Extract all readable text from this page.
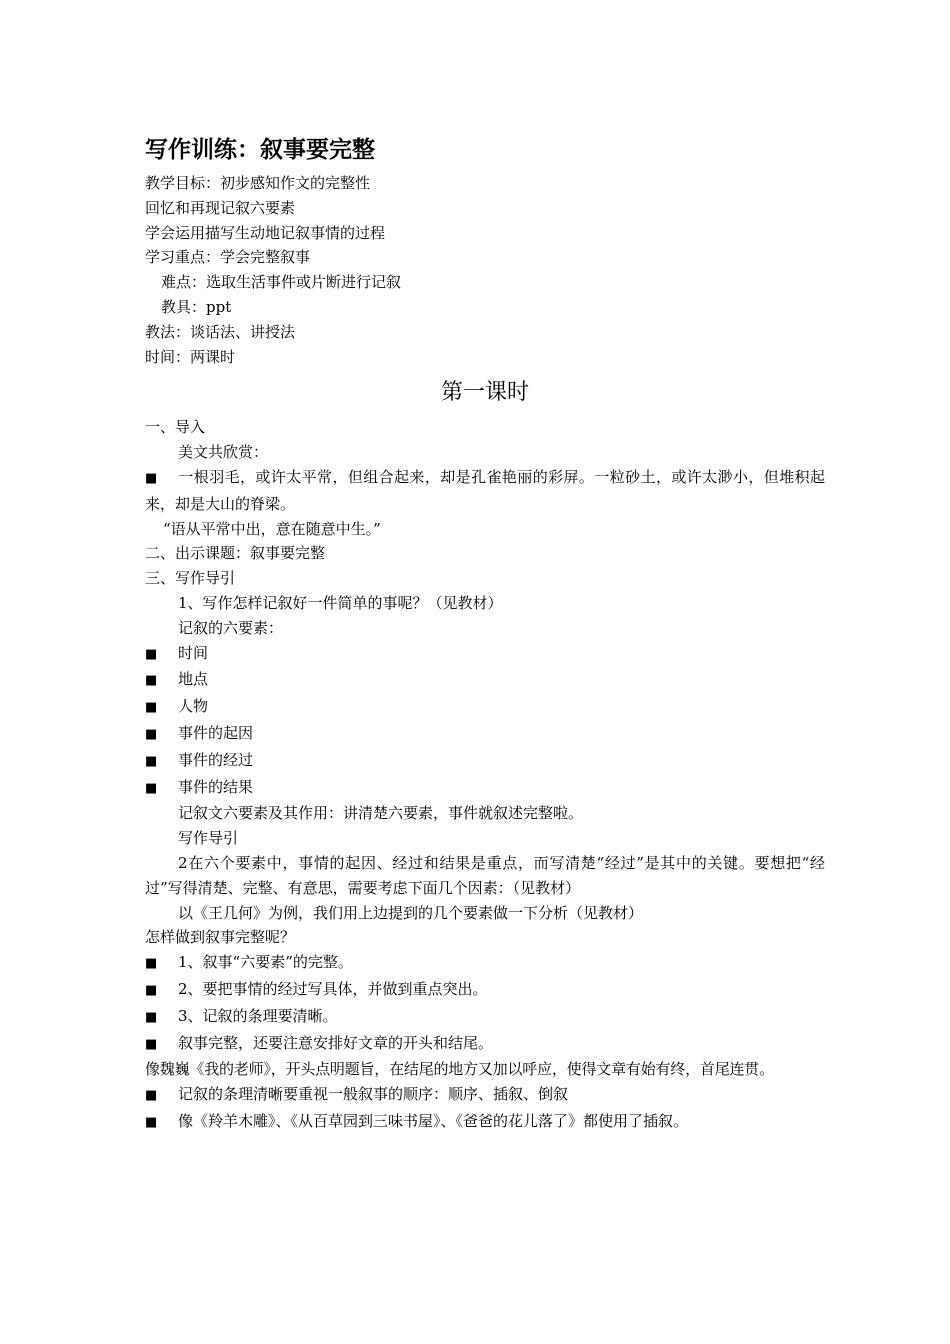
写作训练：叙事要完整
教学目标：初步感知作文的完整性
回忆和再现记叙六要素
学会运用描写生动地记叙事情的过程
学习重点：学会完整叙事
难点：选取生活事件或片断进行记叙
教具：ppt
教法：谈话法、讲授法
时间：两课时
第一课时
一、导入
美文共欣赏：
■ 一根羽毛，或许太平常，但组合起来，却是孔雀艳丽的彩屏。一粒砂土，或许太渺小，但堆积起来，却是大山的脊梁。
“语从平常中出，意在随意中生。”
二、出示课题：叙事要完整
三、写作导引
1、写作怎样记叙好一件简单的事呢？（见教材）
记叙的六要素：
■	时间
■	地点
■	人物
■	事件的起因
■	事件的经过
■	事件的结果
记叙文六要素及其作用：讲清楚六要素，事件就叙述完整啦。
写作导引
2在六个要素中，事情的起因、经过和结果是重点，而写清楚“经过”是其中的关键。要想把“经过”写得清楚、完整、有意思，需要考虑下面几个因素：（见教材）
以《王几何》为例，我们用上边提到的几个要素做一下分析（见教材）
怎样做到叙事完整呢？
■	1、叙事“六要素”的完整。
■	2、要把事情的经过写具体，并做到重点突出。
■	3、记叙的条理要清晰。
■	叙事完整，还要注意安排好文章的开头和结尾。
像魏巍《我的老师》，开头点明题旨，在结尾的地方又加以呼应，使得文章有始有终，首尾连贯。
■	记叙的条理清晰要重视一般叙事的顺序：顺序、插叙、倒叙
■	像《羚羊木雕》、《从百草园到三味书屋》、《爸爸的花儿落了》都使用了插叙。
